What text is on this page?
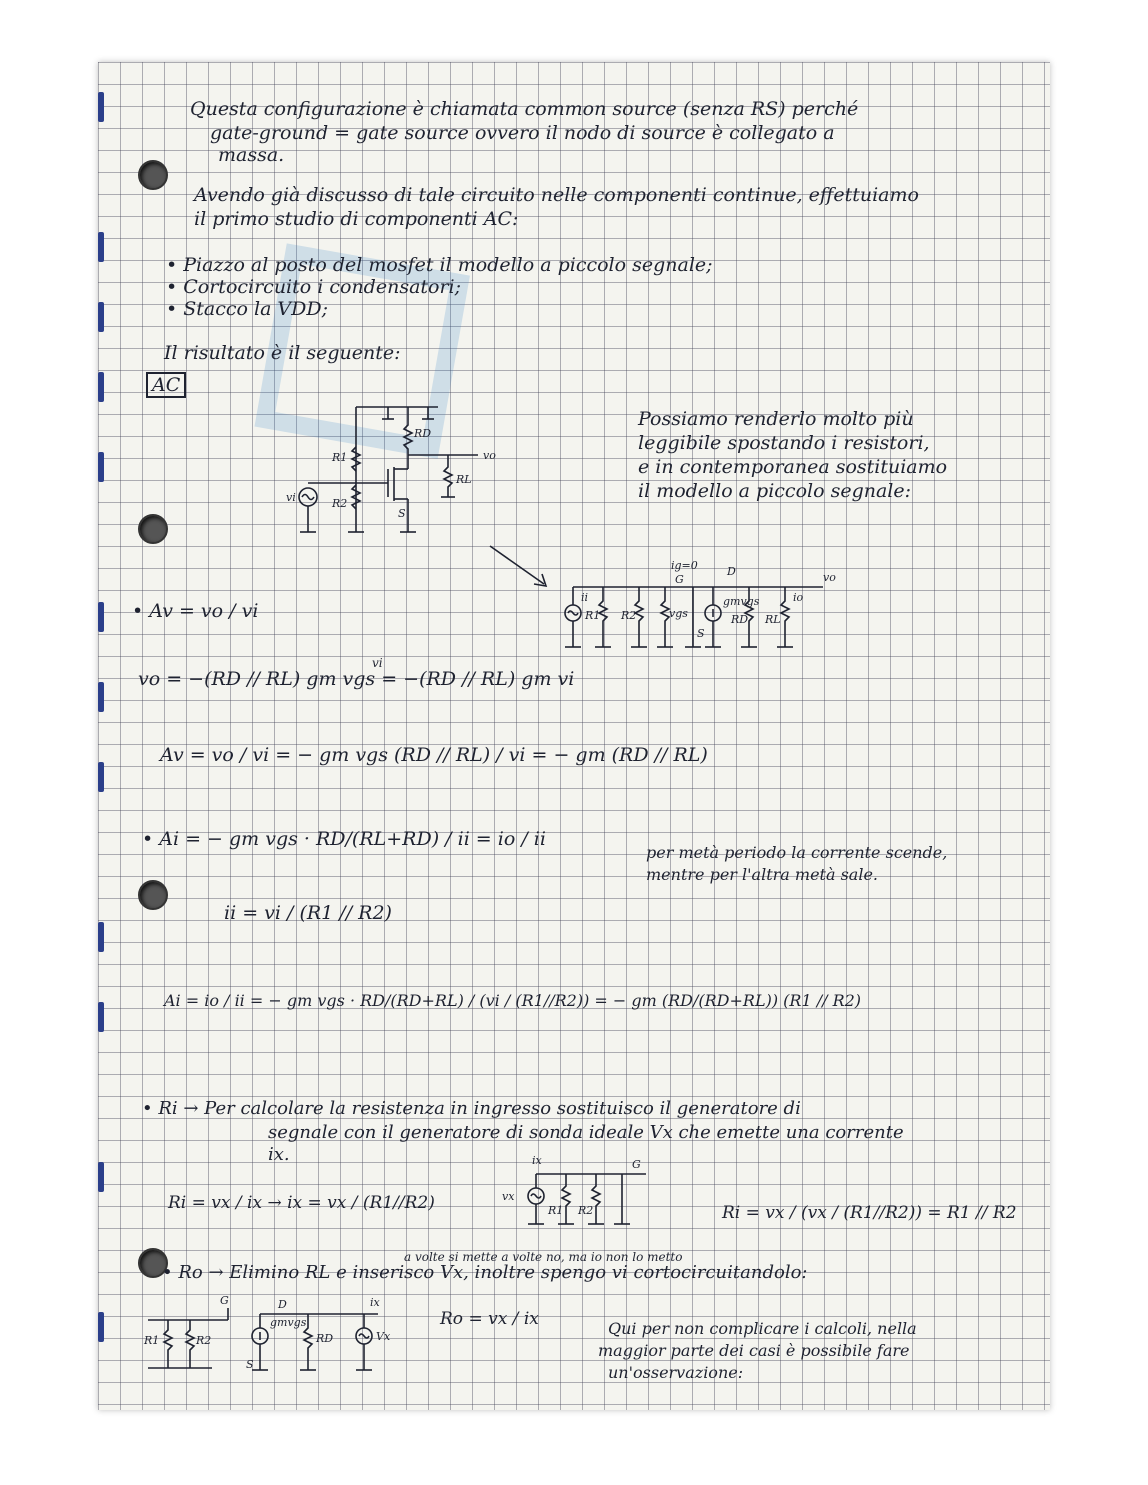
Questa configurazione è chiamata common source (senza RS) perché
gate-ground = gate source ovvero il nodo di source è collegato a
massa.
Avendo già discusso di tale circuito nelle componenti continue, effettuiamo
il primo studio di componenti AC:
• Piazzo al posto del mosfet il modello a piccolo segnale;
• Cortocircuito i condensatori;
• Stacco la VDD;
Il risultato è il seguente:
AC
Possiamo renderlo molto più
leggibile spostando i resistori,
e in contemporanea sostituiamo
il modello a piccolo segnale:
RD
R1
S
vo
RL
R2
vi
vo
ig=0
G
D
ii
R1 R2	vgs
S
gmvgs
RD RL
io
• Av = vo / vi
vi
vo = −(RD // RL) gm vgs = −(RD // RL) gm vi
Av = vo / vi = − gm vgs (RD // RL) / vi = − gm (RD // RL)
• Ai = − gm vgs · RD/(RL+RD) / ii = io / ii
per metà periodo la corrente scende,
mentre per l'altra metà sale.
ii = vi / (R1 // R2)
Ai = io / ii = − gm vgs · RD/(RD+RL) / (vi / (R1//R2)) = − gm (RD/(RD+RL)) (R1 // R2)
• Ri → Per calcolare la resistenza in ingresso sostituisco il generatore di
segnale con il generatore di sonda ideale Vx che emette una corrente
ix.
Ri = vx / ix → ix = vx / (R1//R2)
ix	G
vx
R1 R2	Ri = vx / (vx / (R1//R2)) = R1 // R2
a volte si mette a volte no, ma io non lo metto
• Ro → Elimino RL e inserisco Vx, inoltre spengo vi cortocircuitandolo:
G
R1	R2
D
gmvgs
S
RD	Vx
ix
Ro = vx / ix	Qui per non complicare i calcoli, nella
maggior parte dei casi è possibile fare
un'osservazione:
